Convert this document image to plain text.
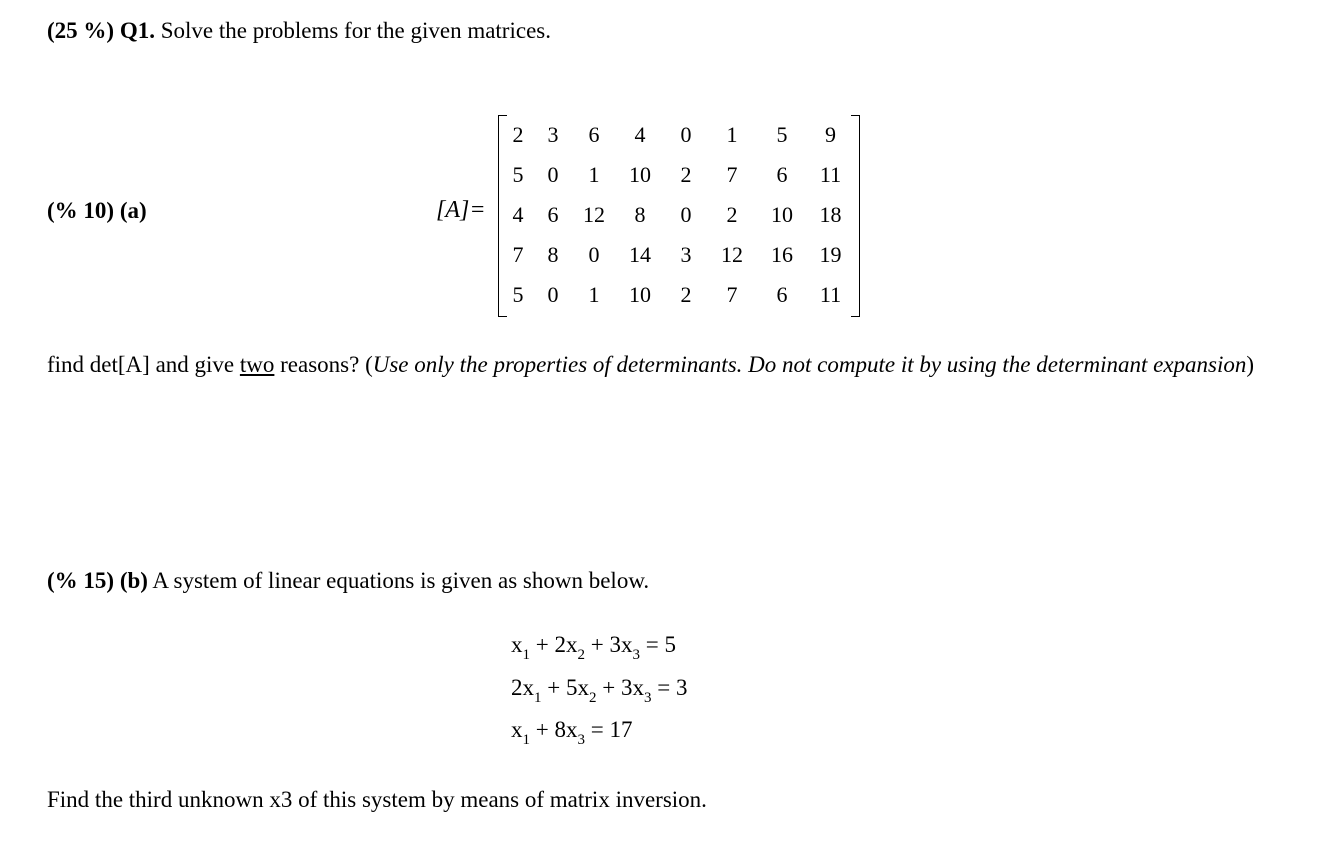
(25 %) Q1. Solve the problems for the given matrices.
(% 10) (a)	[A]=
2	3	6	4	0	1	5	9
5	0	1	10	2	7	6	11
4	6	12	8	0	2	10	18
7	8	0	14	3	12	16	19
5	0	1	10	2	7	6	11
find det[A] and give two reasons? (Use only the properties of determinants. Do not compute it by using the determinant expansion)
(% 15) (b) A system of linear equations is given as shown below.
$x_1 + 2x_2 + 3x_3 = 5$
$2x_1 + 5x_2 + 3x_3 = 3$
$x_1 + 8x_3 = 17$
Find the third unknown x3 of this system by means of matrix inversion.
